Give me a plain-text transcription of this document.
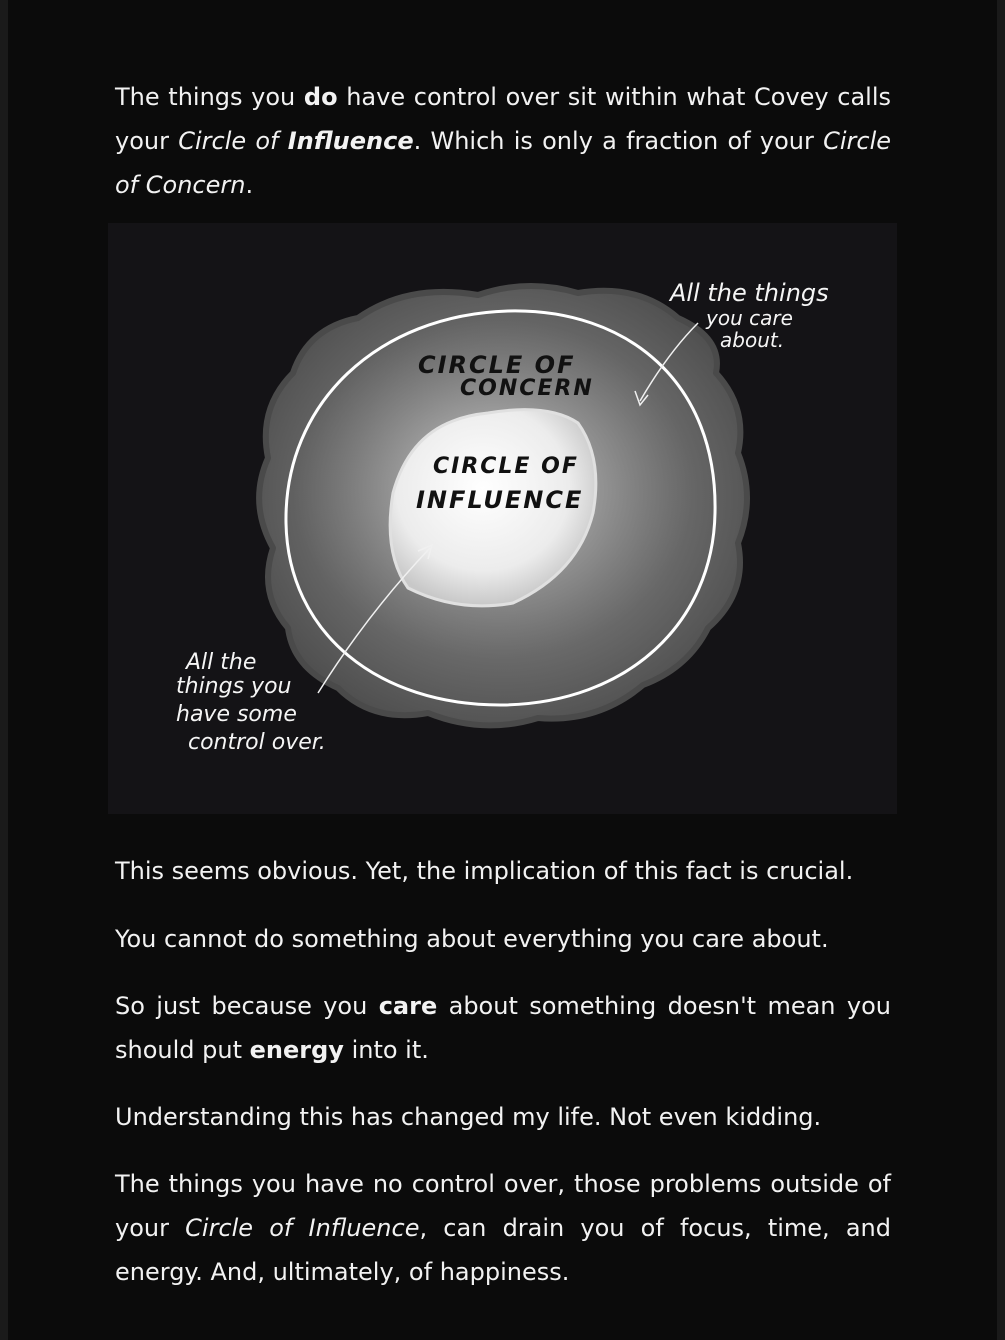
The things you do have control over sit within what Covey calls your Circle of Influence. Which is only a fraction of your Circle of Concern.

CIRCLE OF
CONCERN
CIRCLE OF
INFLUENCE
All the things
you care
about.
All the
things you
have some
control over.

This seems obvious. Yet, the implication of this fact is crucial.

You cannot do something about everything you care about.

So just because you care about something doesn't mean you should put energy into it.

Understanding this has changed my life. Not even kidding.

The things you have no control over, those problems outside of your Circle of Influence, can drain you of focus, time, and energy. And, ultimately, of happiness.
